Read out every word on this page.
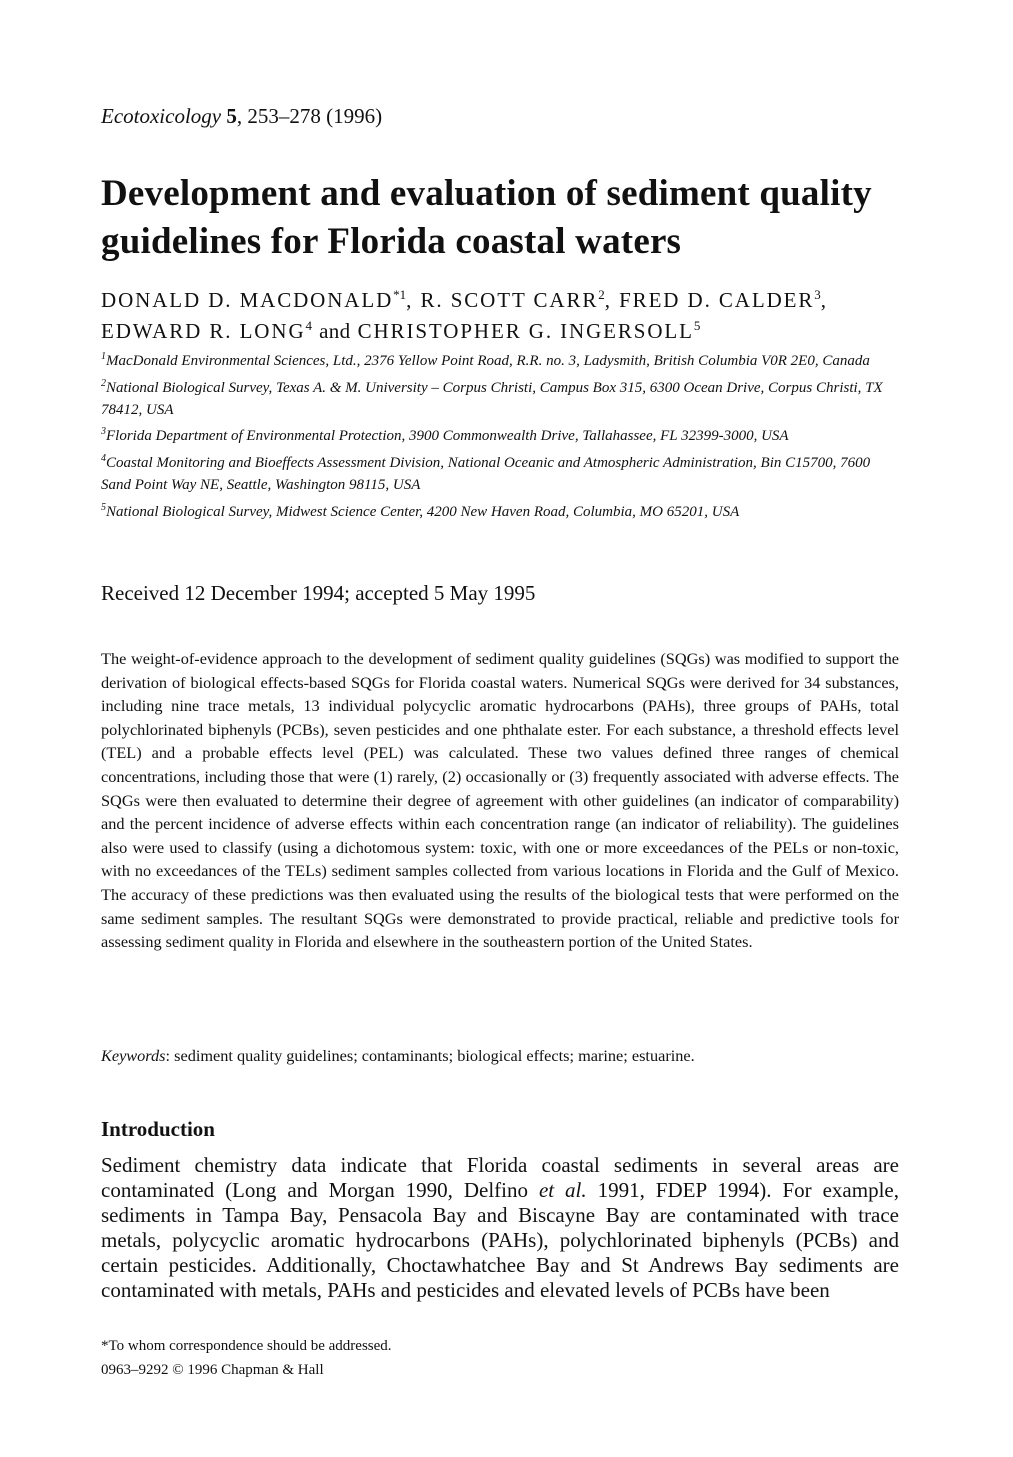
Ecotoxicology 5, 253–278 (1996)
Development and evaluation of sediment quality guidelines for Florida coastal waters
DONALD D. MACDONALD$^{*1}$, R. SCOTT CARR$^2$, FRED D. CALDER$^3$,
EDWARD R. LONG$^4$ and CHRISTOPHER G. INGERSOLL$^5$
$^1$MacDonald Environmental Sciences, Ltd., 2376 Yellow Point Road, R.R. no. 3, Ladysmith, British Columbia V0R 2E0, Canada
$^2$National Biological Survey, Texas A. & M. University – Corpus Christi, Campus Box 315, 6300 Ocean Drive, Corpus Christi, TX 78412, USA
$^3$Florida Department of Environmental Protection, 3900 Commonwealth Drive, Tallahassee, FL 32399-3000, USA
$^4$Coastal Monitoring and Bioeffects Assessment Division, National Oceanic and Atmospheric Administration, Bin C15700, 7600 Sand Point Way NE, Seattle, Washington 98115, USA
$^5$National Biological Survey, Midwest Science Center, 4200 New Haven Road, Columbia, MO 65201, USA
Received 12 December 1994; accepted 5 May 1995
The weight-of-evidence approach to the development of sediment quality guidelines (SQGs) was modified to support the derivation of biological effects-based SQGs for Florida coastal waters. Numerical SQGs were derived for 34 substances, including nine trace metals, 13 individual polycyclic aromatic hydrocarbons (PAHs), three groups of PAHs, total polychlorinated biphenyls (PCBs), seven pesticides and one phthalate ester. For each substance, a threshold effects level (TEL) and a probable effects level (PEL) was calculated. These two values defined three ranges of chemical concentrations, including those that were (1) rarely, (2) occasionally or (3) frequently associated with adverse effects. The SQGs were then evaluated to determine their degree of agreement with other guidelines (an indicator of comparability) and the percent incidence of adverse effects within each concentration range (an indicator of reliability). The guidelines also were used to classify (using a dichotomous system: toxic, with one or more exceedances of the PELs or non-toxic, with no exceedances of the TELs) sediment samples collected from various locations in Florida and the Gulf of Mexico. The accuracy of these predictions was then evaluated using the results of the biological tests that were performed on the same sediment samples. The resultant SQGs were demonstrated to provide practical, reliable and predictive tools for assessing sediment quality in Florida and elsewhere in the southeastern portion of the United States.
Keywords: sediment quality guidelines; contaminants; biological effects; marine; estuarine.
Introduction
Sediment chemistry data indicate that Florida coastal sediments in several areas are contaminated (Long and Morgan 1990, Delfino et al. 1991, FDEP 1994). For example, sediments in Tampa Bay, Pensacola Bay and Biscayne Bay are contaminated with trace metals, polycyclic aromatic hydrocarbons (PAHs), polychlorinated biphenyls (PCBs) and certain pesticides. Additionally, Choctawhatchee Bay and St Andrews Bay sediments are contaminated with metals, PAHs and pesticides and elevated levels of PCBs have been
*To whom correspondence should be addressed.
0963–9292 © 1996 Chapman & Hall
